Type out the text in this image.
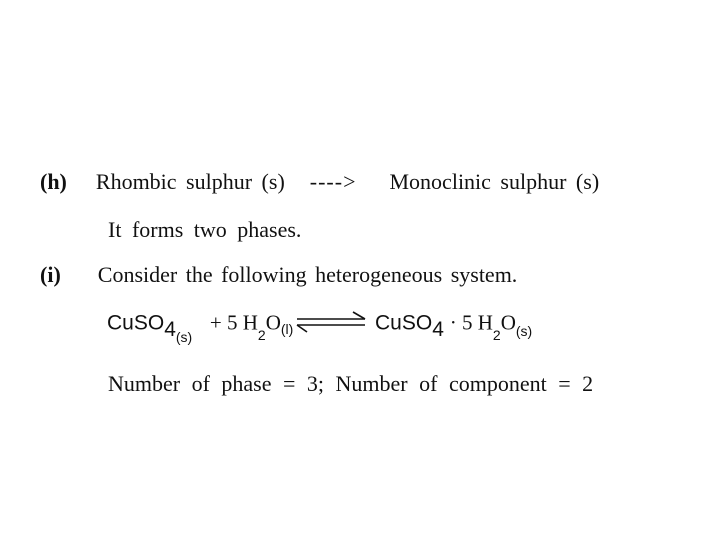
(h) Rhombic sulphur (s) ----> Monoclinic sulphur (s)
It forms two phases.
(i) Consider the following heterogeneous system.
$CuSO4_{(s)} + 5$ $H_2O(l)$ ⇌ CuSO4 · 5 $H_2O_{(s)}$
Number of phase = 3; Number of component = 2
